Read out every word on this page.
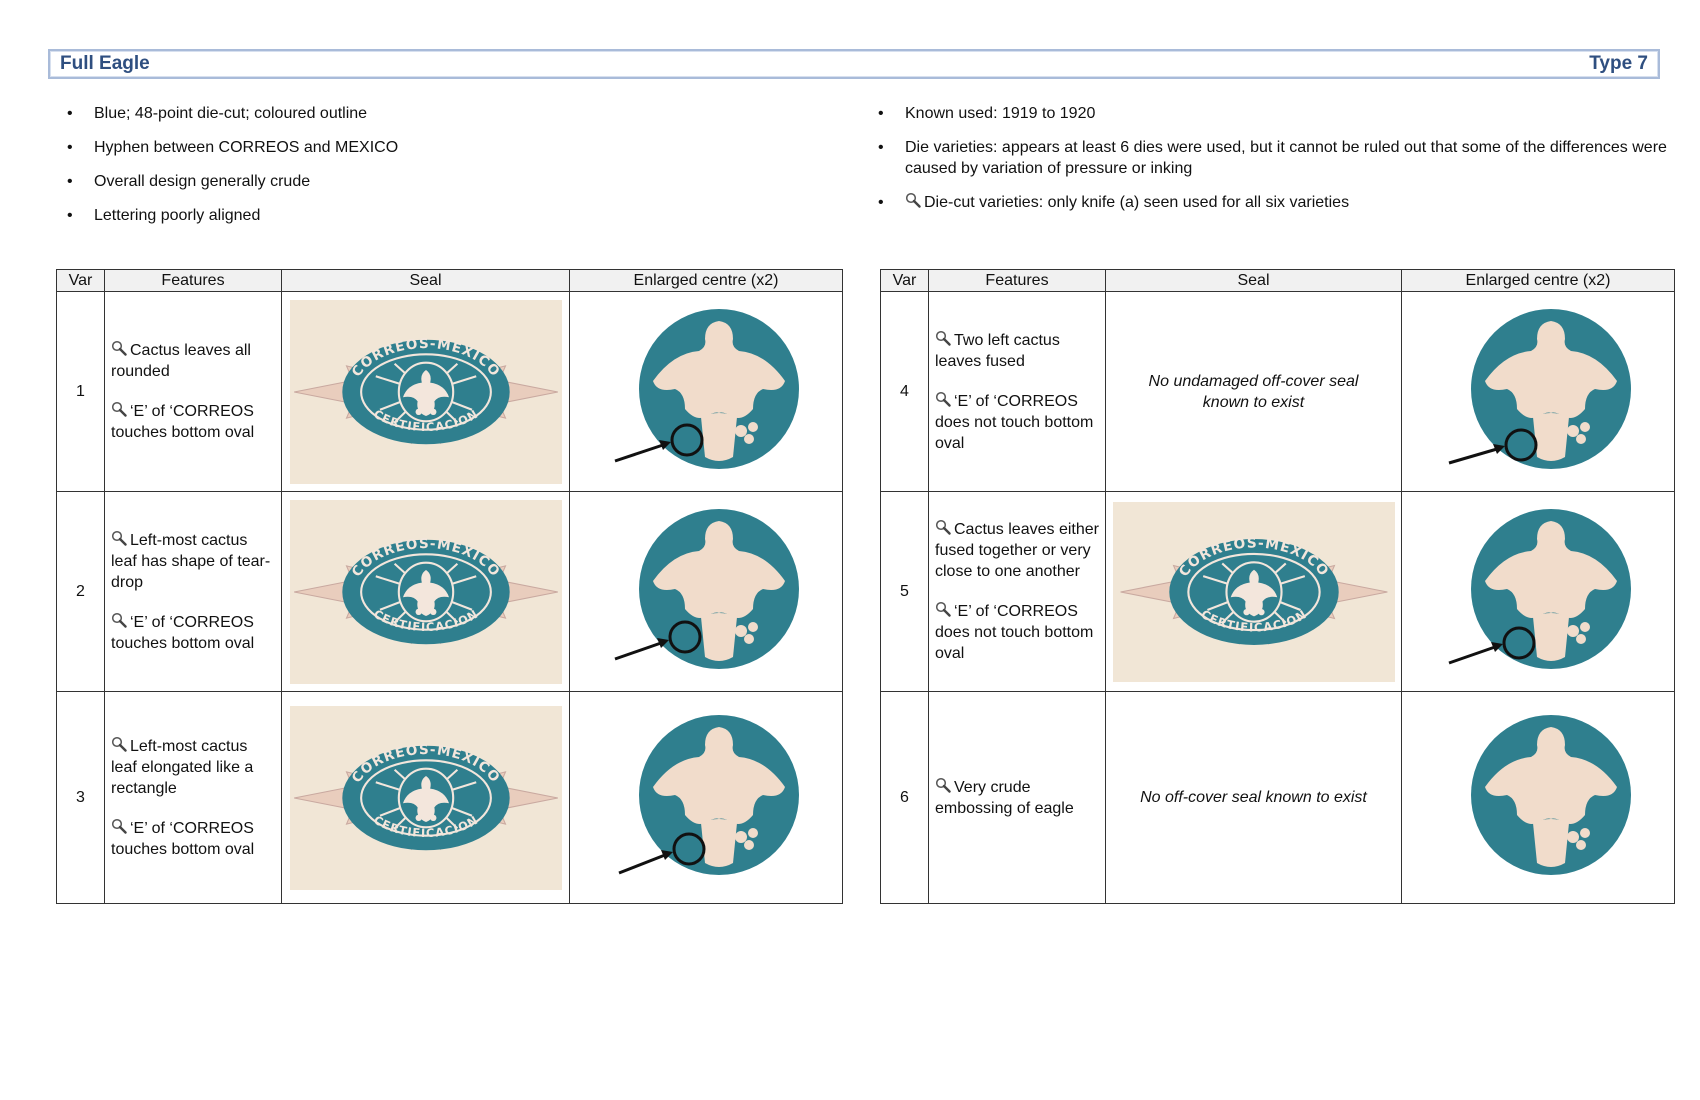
Full Eagle	Type 7
• Blue; 48-point die-cut; coloured outline
• Hyphen between CORREOS and MEXICO
• Overall design generally crude
• Lettering poorly aligned
• Known used: 1919 to 1920
• Die varieties: appears at least 6 dies were used, but it cannot be ruled out that some of the differences were caused by variation of pressure or inking
• Die-cut varieties: only knife (a) seen used for all six varieties
Var	Features	Seal	Enlarged centre (x2)
1	Cactus leaves all rounded

‘E’ of ‘CORREOS touches bottom oval

2	Left-most cactus leaf has shape of tear-drop

‘E’ of ‘CORREOS touches bottom oval

3	Left-most cactus leaf elongated like a rectangle

‘E’ of ‘CORREOS touches bottom oval

Var	Features	Seal	Enlarged centre (x2)
4	Two left cactus leaves fused

‘E’ of ‘CORREOS does not touch bottom oval	No undamaged off-cover seal known to exist	

5	Cactus leaves either fused together or very close to one another

‘E’ of ‘CORREOS does not touch bottom oval

6	Very crude embossing of eagle	No off-cover seal known to exist	
